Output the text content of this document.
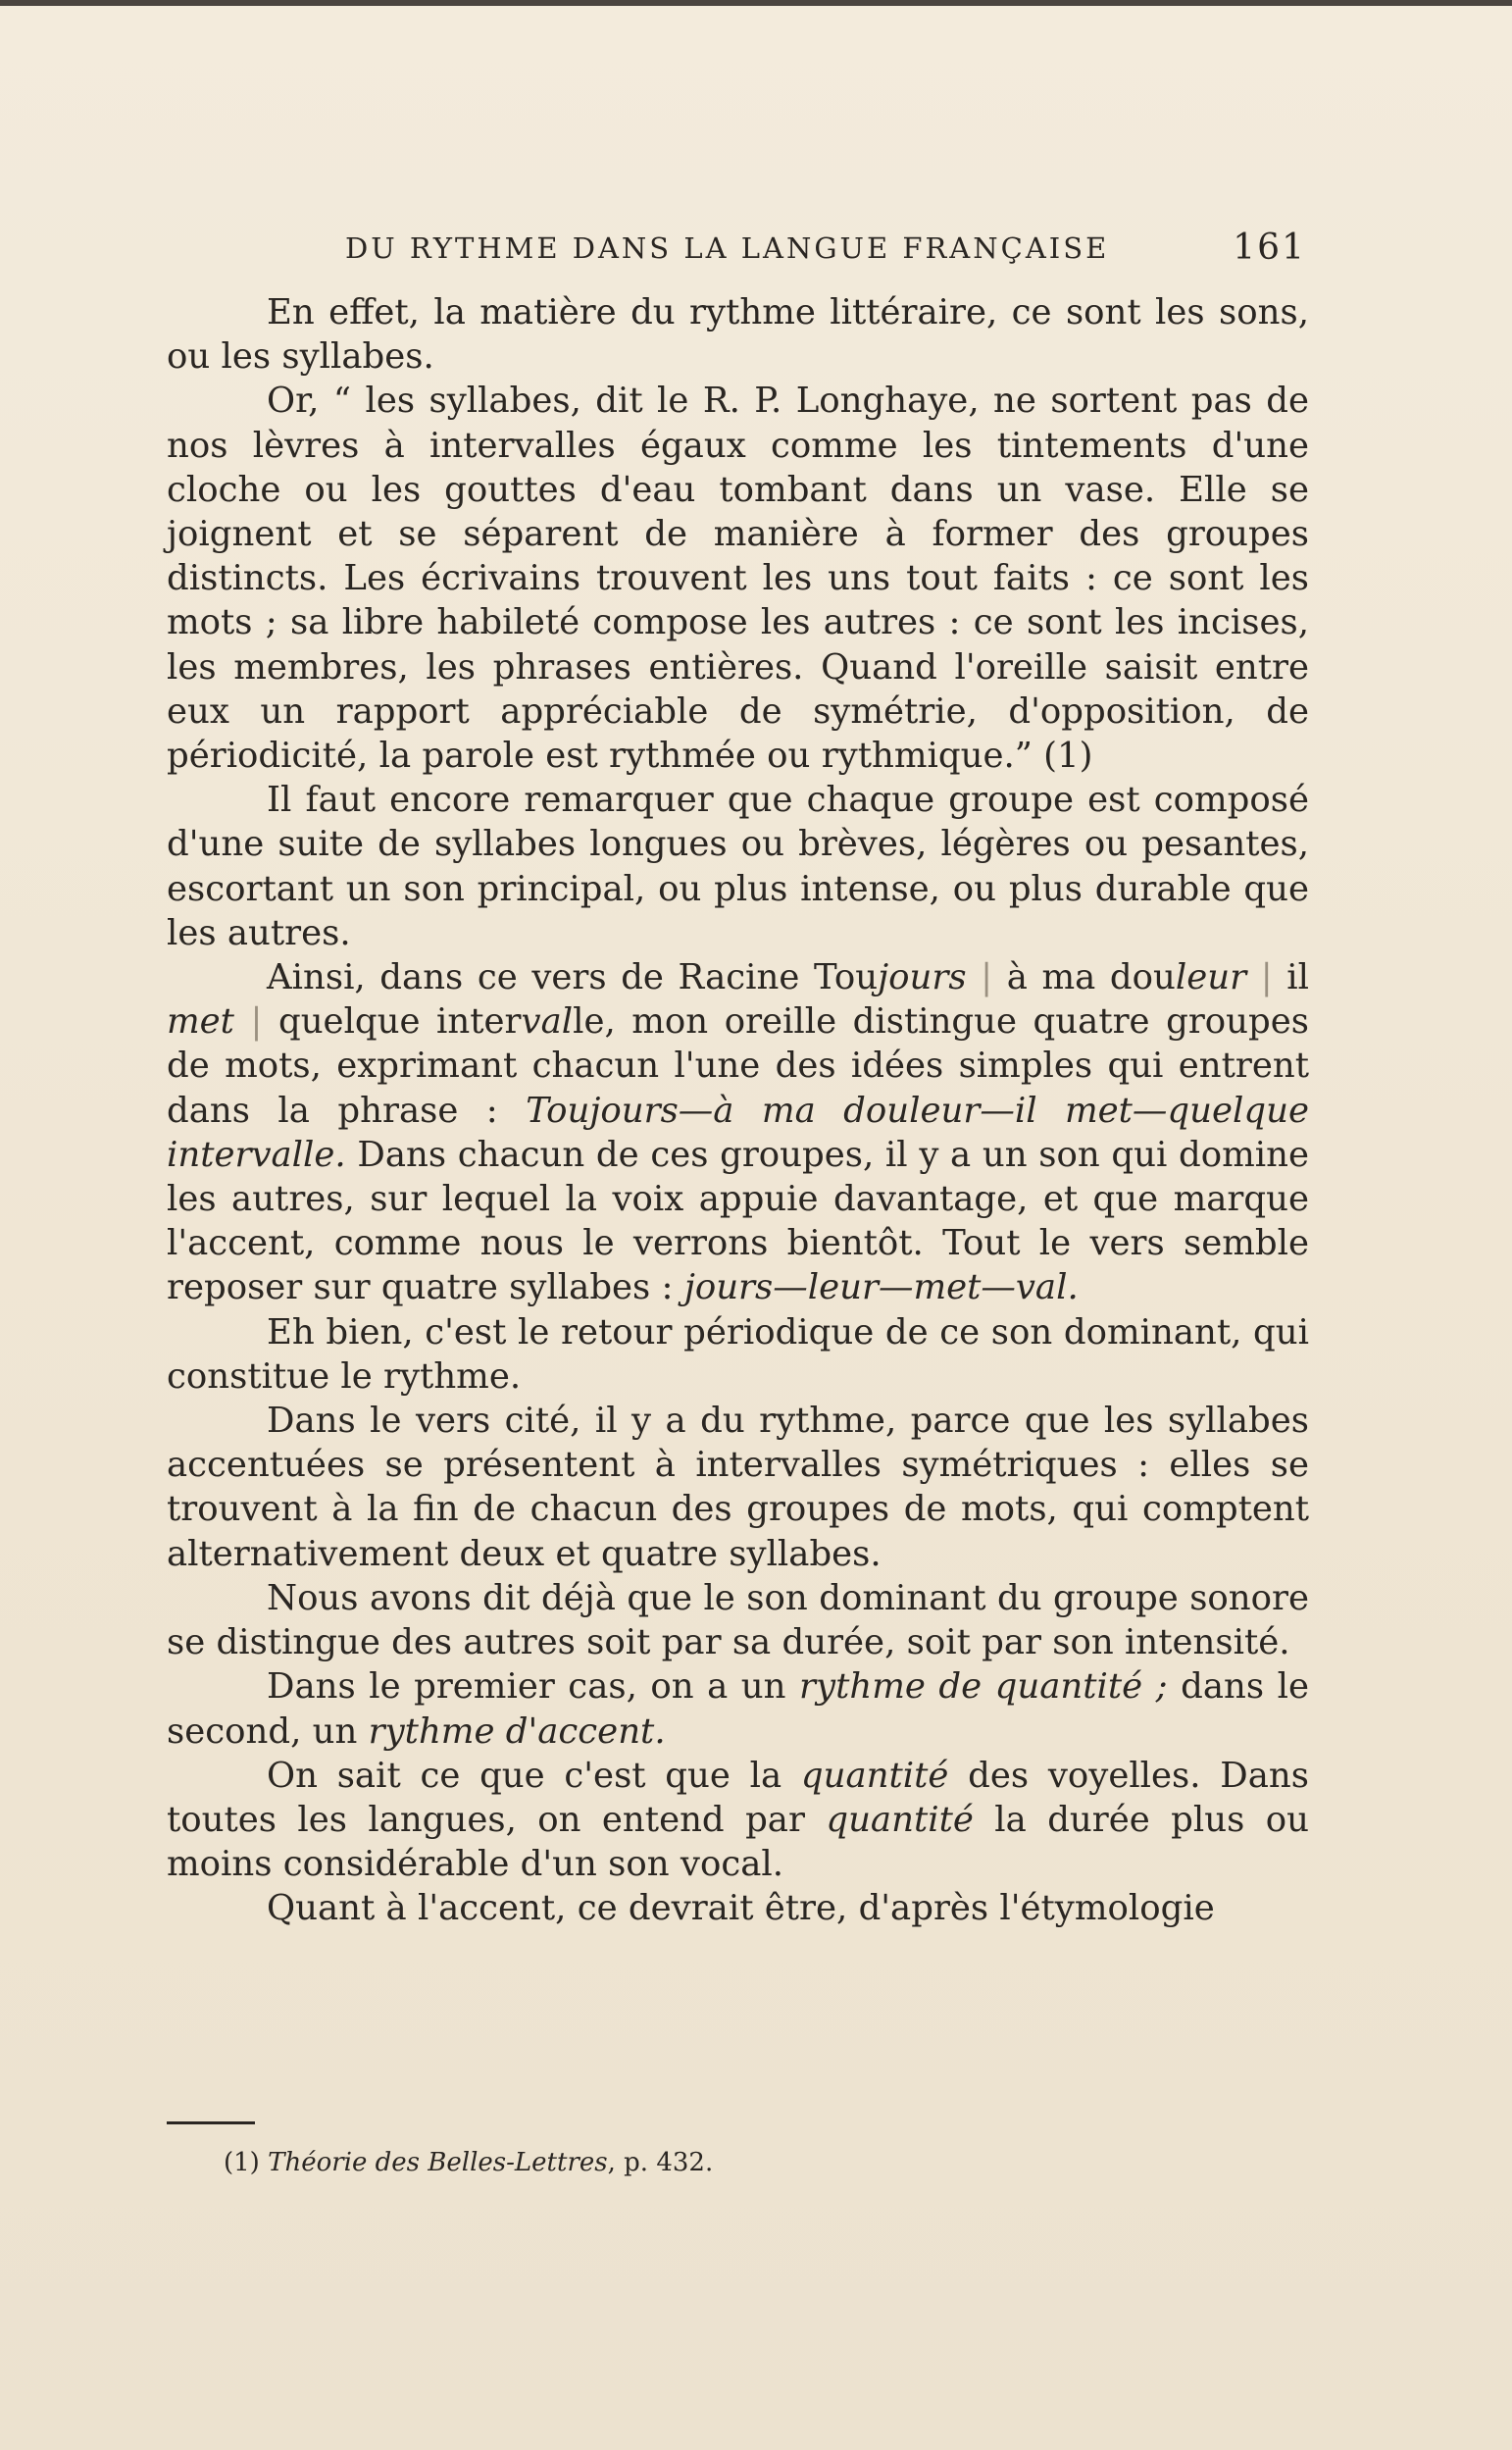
DU RYTHME DANS LA LANGUE FRANÇAISE	161

En effet, la matière du rythme littéraire, ce sont les sons, ou les syllabes.

Or, “ les syllabes, dit le R. P. Longhaye, ne sortent pas de nos lèvres à intervalles égaux comme les tintements d'une cloche ou les gouttes d'eau tombant dans un vase. Elle se joignent et se séparent de manière à former des groupes distincts. Les écrivains trouvent les uns tout faits : ce sont les mots ; sa libre habileté compose les autres : ce sont les incises, les membres, les phrases entières. Quand l'oreille saisit entre eux un rapport appréciable de symétrie, d'opposition, de périodicité, la parole est rythmée ou rythmique.” (1)

Il faut encore remarquer que chaque groupe est composé d'une suite de syllabes longues ou brèves, légères ou pesantes, escortant un son principal, ou plus intense, ou plus durable que les autres.

Ainsi, dans ce vers de Racine Toujours | à ma douleur | il met | quelque intervalle, mon oreille distingue quatre groupes de mots, exprimant chacun l'une des idées simples qui entrent dans la phrase : Toujours—à ma douleur—il met—quelque intervalle. Dans chacun de ces groupes, il y a un son qui domine les autres, sur lequel la voix appuie davantage, et que marque l'accent, comme nous le verrons bientôt. Tout le vers semble reposer sur quatre syllabes : jours—leur—met—val.

Eh bien, c'est le retour périodique de ce son dominant, qui constitue le rythme.

Dans le vers cité, il y a du rythme, parce que les syllabes accentuées se présentent à intervalles symétriques : elles se trouvent à la fin de chacun des groupes de mots, qui comptent alternativement deux et quatre syllabes.

Nous avons dit déjà que le son dominant du groupe sonore se distingue des autres soit par sa durée, soit par son intensité.

Dans le premier cas, on a un rythme de quantité ; dans le second, un rythme d'accent.

On sait ce que c'est que la quantité des voyelles. Dans toutes les langues, on entend par quantité la durée plus ou moins considérable d'un son vocal.

Quant à l'accent, ce devrait être, d'après l'étymologie

(1) Théorie des Belles-Lettres, p. 432.
